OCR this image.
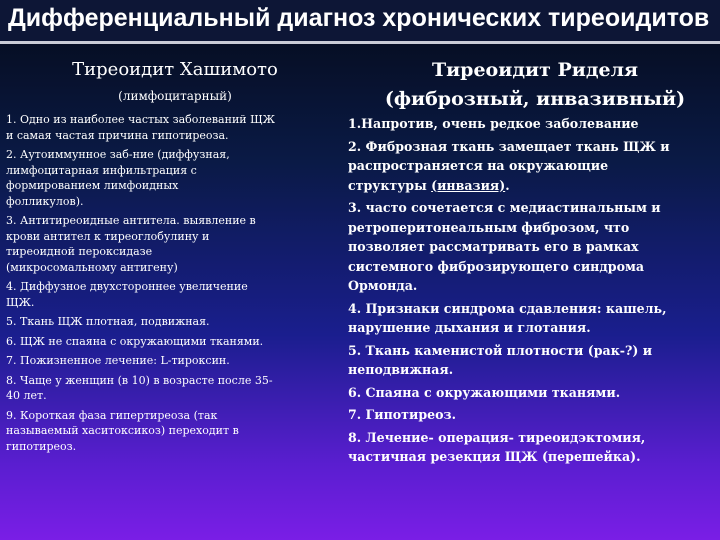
Дифференциальный диагноз хронических тиреоидитов
Тиреоидит Хашимото
(лимфоцитарный)
Тиреоидит Риделя
(фиброзный, инвазивный)
1. Одно из наиболее частых заболеваний ЩЖ
и самая частая причина гипотиреоза.
2. Аутоиммунное заб-ние (диффузная,
лимфоцитарная инфильтрация с
формированием лимфоидных
фолликулов).
3. Антитиреоидные антитела. выявление в
крови антител к тиреоглобулину и
тиреоидной пероксидазе
(микросомальному антигену)
4. Диффузное двухстороннее увеличение
ЩЖ.
5. Ткань ЩЖ плотная, подвижная.
6. ЩЖ не спаяна с окружающими тканями.
7. Пожизненное лечение: L-тироксин.
8. Чаще у женщин (в 10) в возрасте после 35-
40 лет.
9. Короткая фаза гипертиреоза (так
называемый хаситоксикоз) переходит в
гипотиреоз.
1.Напротив, очень редкое заболевание
2. Фиброзная ткань замещает ткань ЩЖ и
распространяется на окружающие
структуры (инвазия).
3. часто сочетается с медиастинальным и
ретроперитонеальным фиброзом, что
позволяет рассматривать его в рамках
системного фиброзирующего синдрома
Ормонда.
4. Признаки синдрома сдавления: кашель,
нарушение дыхания и глотания.
5. Ткань каменистой плотности (рак-?) и
неподвижная.
6. Спаяна с окружающими тканями.
7. Гипотиреоз.
8. Лечение- операция- тиреоидэктомия,
частичная резекция ЩЖ (перешейка).
